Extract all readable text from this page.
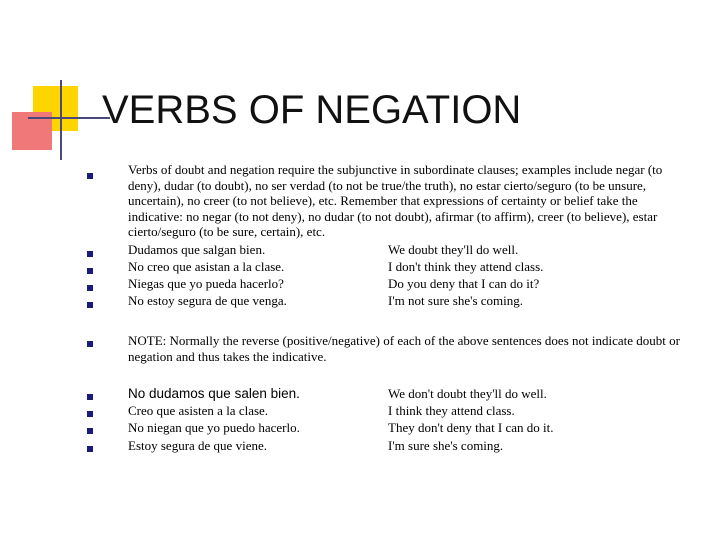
VERBS OF NEGATION

Verbs of doubt and negation require the subjunctive in subordinate clauses; examples include negar (to deny), dudar (to doubt), no ser verdad (to not be true/the truth), no estar cierto/seguro (to be unsure, uncertain), no creer (to not believe), etc. Remember that expressions of certainty or belief take the indicative: no negar (to not deny), no dudar (to not doubt), afirmar (to affirm), creer (to believe), estar cierto/seguro (to be sure, certain), etc.

Dudamos que salgan bien.	We doubt they'll do well.
No creo que asistan a la clase.	I don't think they attend class.
Niegas que yo pueda hacerlo?	Do you deny that I can do it?
No estoy segura de que venga.	I'm not sure she's coming.
NOTE: Normally the reverse (positive/negative) of each of the above sentences does not indicate doubt or negation and thus takes the indicative.
No dudamos que salen bien.	We don't doubt they'll do well.
Creo que asisten a la clase.	I think they attend class.
No niegan que yo puedo hacerlo.	They don't deny that I can do it.
Estoy segura de que viene.	I'm sure she's coming.
